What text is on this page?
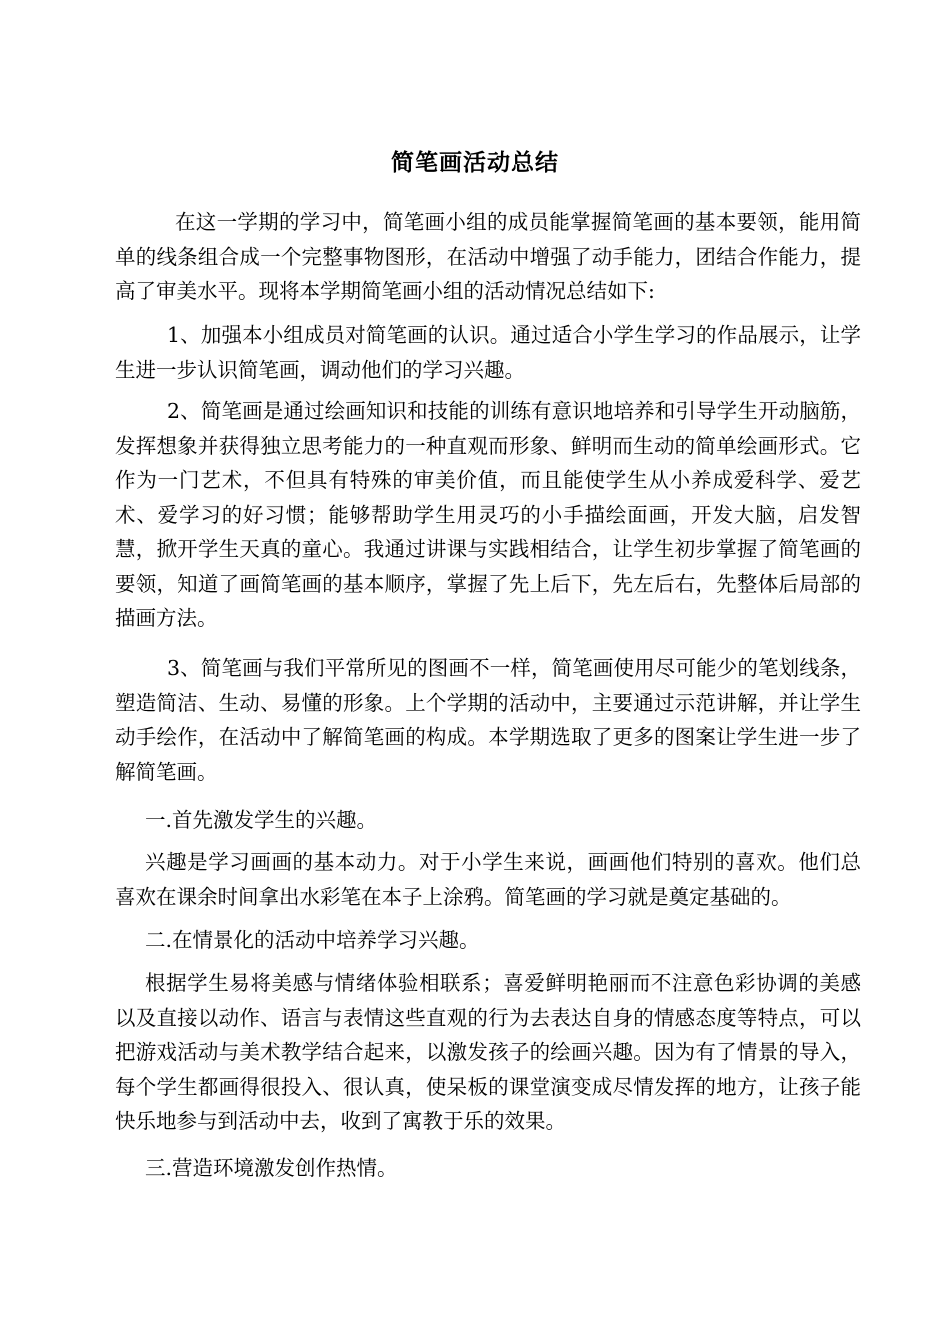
简笔画活动总结

在这一学期的学习中，简笔画小组的成员能掌握简笔画的基本要领，能用简单的线条组合成一个完整事物图形，在活动中增强了动手能力，团结合作能力，提高了审美水平。现将本学期简笔画小组的活动情况总结如下:

1、加强本小组成员对简笔画的认识。通过适合小学生学习的作品展示，让学生进一步认识简笔画，调动他们的学习兴趣。

2、简笔画是通过绘画知识和技能的训练有意识地培养和引导学生开动脑筋，发挥想象并获得独立思考能力的一种直观而形象、鲜明而生动的简单绘画形式。它作为一门艺术，不但具有特殊的审美价值，而且能使学生从小养成爱科学、爱艺术、爱学习的好习惯；能够帮助学生用灵巧的小手描绘面画，开发大脑，启发智慧，掀开学生天真的童心。我通过讲课与实践相结合，让学生初步掌握了简笔画的要领，知道了画简笔画的基本顺序，掌握了先上后下，先左后右，先整体后局部的描画方法。

3、简笔画与我们平常所见的图画不一样，简笔画使用尽可能少的笔划线条，塑造简洁、生动、易懂的形象。上个学期的活动中，主要通过示范讲解，并让学生动手绘作，在活动中了解简笔画的构成。本学期选取了更多的图案让学生进一步了解简笔画。

一.首先激发学生的兴趣。

兴趣是学习画画的基本动力。对于小学生来说，画画他们特别的喜欢。他们总喜欢在课余时间拿出水彩笔在本子上涂鸦。简笔画的学习就是奠定基础的。

二.在情景化的活动中培养学习兴趣。

根据学生易将美感与情绪体验相联系；喜爱鲜明艳丽而不注意色彩协调的美感以及直接以动作、语言与表情这些直观的行为去表达自身的情感态度等特点，可以把游戏活动与美术教学结合起来，以激发孩子的绘画兴趣。因为有了情景的导入，每个学生都画得很投入、很认真，使呆板的课堂演变成尽情发挥的地方，让孩子能快乐地参与到活动中去，收到了寓教于乐的效果。

三.营造环境激发创作热情。
